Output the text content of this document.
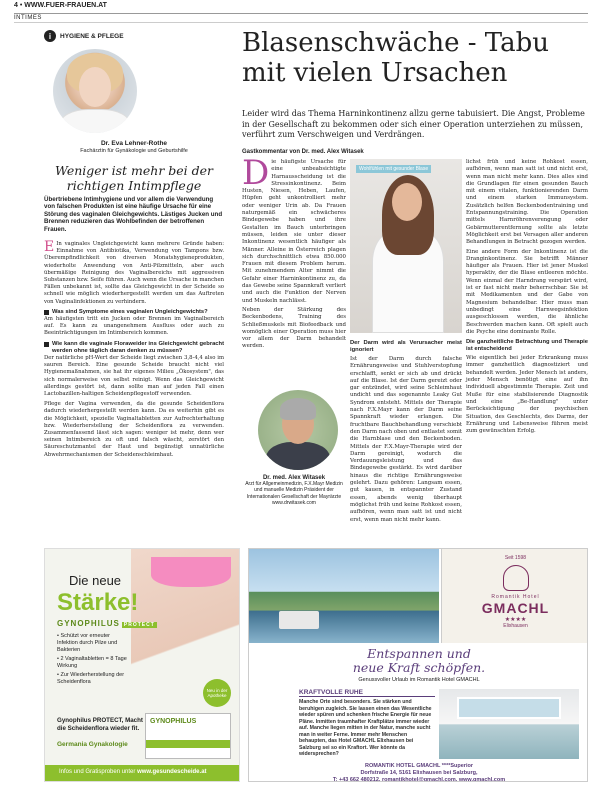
4 • WWW.FUER-FRAUEN.AT
INTIMES
i	HYGIENE & PFLEGE
Dr. Eva Lehner-Rothe
Fachärztin für Gynäkologie und Geburtshilfe
Weniger ist mehr bei der richtigen Intimpflege
Übertriebene Intimhygiene und vor allem die Verwendung von falschen Produkten ist eine häufige Ursache für eine Störung des vaginalen Gleichgewichts. Lästiges Jucken und Brennen reduzieren das Wohlbefinden der betroffenen Frauen.

E In vaginales Ungleichgewicht kann mehrere Gründe haben: Einnahme von Antibiotika, Verwendung von Tampons bzw. Überempfindlichkeit von diversen Monatshygieneprodukten, wiederholte Anwendung von Anti-Pilzmitteln, aber auch übermäßige Reinigung des Vaginalbereichs mit aggressiven Substanzen bzw. Seife führen. Auch wenn die Ursache in manchen Fällen unbekannt ist, sollte das Gleichgewicht in der Scheide so schnell wie möglich wiederhergestellt werden um das Auftreten von Vaginalinfektionen zu verhindern.

Was sind Symptome eines vaginalen Ungleichgewichts?

Am häufigsten tritt ein Jucken oder Brennen im Vaginalbereich auf. Es kann zu unangenehmem Ausfluss oder auch zu Beeinträchtigungen im Intimbereich kommen.

Wie kann die vaginale Floraweider ins Gleichgewicht gebracht werden ohne täglich daran denken zu müssen?

Der natürliche pH-Wert der Scheide liegt zwischen 3,8-4,4 also im sauren Bereich. Eine gesunde Scheide braucht nicht viel Hygienemaßnahmen, sie hat ihr eigenes Milieu „Ökosystem", das sich normalerweise von selbst reinigt. Wenn das Gleichgewicht allerdings gestört ist, dann sollte man auf jeden Fall einen Lactobazillen-haltigen Scheidenpflegestoff verwenden.

Pflege der Vagina verwenden, da die gesunde Scheidenflora dadurch wiederhergestellt werden kann. Da es weiterhin gibt es die Möglichkeit, spezielle Vaginaltabletten zur Aufrechterhaltung bzw. Wiederherstellung der Scheidenflora zu verwenden. Zusammenfassend lässt sich sagen: weniger ist mehr, denn wer seinen Intimbereich zu oft und falsch wäscht, zerstört den Säureschutzmantel der Haut und begünstigt unnatürliche Abwehrmechanismen der Scheidenschleimhaut.

Blasenschwäche - Tabu mit vielen Ursachen
Leider wird das Thema Harninkontinenz allzu gerne tabuisiert. Die Angst, Probleme in der Gesellschaft zu bekommen oder sich einer Operation unterziehen zu müssen, verführt zum Verschweigen und Verdrängen.
Gastkommentar von Dr. med. Alex Witasek

Die häufigste Ursache für eine unbeabsichtigte Harnausscheidung ist die Stressinkontinenz. Beim Husten, Niesen, Heben, Laufen, Hüpfen geht unkontrolliert mehr oder weniger Urin ab. Da Frauen naturgemäß ein schwächeres Bindegewebe haben und ihre Gestalten im Bauch unterbringen müssen, leiden sie unter dieser Inkontinenz wesentlich häufiger als Männer. Alleine in Österreich plagen sich durchschnittlich etwa 850.000 Frauen mit diesem Problem herum. Mit zunehmendem Alter nimmt die Gefahr einer Harninkontinenz zu, da das Gewebe seine Spannkraft verliert und auch die Funktion der Nerven und Muskeln nachlässt.

Neben der Stärkung des Beckenbodens, Training des Schließmuskels mit Biofeedback und womöglich einer Operation muss hier vor allem der Darm behandelt werden.

Wohlfühlen mit gesunder Blase
Der Darm wird als Verursacher meist ignoriert

Ist der Darm durch falsche Ernährungsweise und Stuhlverstopfung erschlafft, senkt er sich ab und drückt auf die Blase. Ist der Darm gereizt oder gar entzündet, wird seine Schleimhaut undicht und das sogenannte Leaky Gut Syndrom entsteht. Mittels der Therapie nach F.X.Mayr kann der Darm seine Spannkraft wieder erlangen. Die fruchtbare Bauchbehandlung verschiebt den Darm nach oben und entlastet somit die Harnblase und den Beckenboden. Mittels der F.X.Mayr-Therapie wird der Darm gereinigt, wodurch die Verdauungsleistung und das Bindegewebe gestärkt. Es wird darüber hinaus die richtige Ernährungsweise gelehrt. Dazu gehören: Langsam essen, gut kauen, in entspannter Zustand essen, abends wenig überhaupt möglichst früh und keine Rohkost essen, aufhören, wenn man satt ist und nicht erst, wenn man nicht mehr kann.

lichst früh und keine Rohkost essen, aufhören, wenn man satt ist und nicht erst, wenn man nicht mehr kann. Dies alles sind die Grundlagen für einen gesunden Bauch mit einem vitalen, funktionierenden Darm und einem starken Immunsystem. Zusätzlich helfen Beckenbodentraining und Entspannungstraining. Die Operation mittels Harnröhrenverengung oder Gebärmutterentfernung sollte als letzte Möglichkeit erst bei Versagen aller anderen Behandlungen in Betracht gezogen werden.

Eine andere Form der Inkontinenz ist die Dranginkontinenz. Sie betrifft Männer häufiger als Frauen. Hier ist jener Muskel hyperaktiv, der die Blase entleeren möchte. Wenn einmal der Harndrang verspürt wird, ist er fast nicht mehr beherrschbar. Sie ist mit Medikamenten und der Gabe von Magnesium behandelbar. Hier muss man unbedingt eine Harnwegsinfektion ausgeschlossen werden, die ähnliche Beschwerden machen kann. Oft spielt auch die Psyche eine dominante Rolle.

Die ganzheitliche Betrachtung und Therapie ist entscheidend

Wie eigentlich bei jeder Erkrankung muss immer ganzheitlich diagnostiziert und behandelt werden. Jeder Mensch ist anders, jeder Mensch benötigt eine auf ihn individuell abgestimmte Therapie. Zeit und Muße für eine stabilisierende Diagnostik und eine „Be-Handlung" unter Berücksichtigung der psychischen Situation, des Geschlechts, des Darms, der Ernährung und Lebensweise führen meist zum gewünschten Erfolg.

Dr. med. Alex Witasek
Arzt für Allgemeinmedizin, F.X.Mayr Medizin und manuelle Medizin Präsident der Internationalen Gesellschaft der Mayrärzte
www.drwitasek.com
Die neue
Stärke!
GYNOPHILUS PROTECT
• Schützt vor erneuter Infektion durch Pilze und Bakterien
• 2 Vaginaltabletten = 8 Tage Wirkung
• Zur Wiederherstellung der Scheidenflora
Neu in der Apotheke
GYNOPHILUS
Gynophilus PROTECT, Macht die Scheidenflora wieder fit.
Germania Gynakologie
Infos und Gratisproben unter www.gesundescheide.at
Seit 1598
Romantik Hotel
GMACHL
★★★★
Elixhausen
Entspannen und
neue Kraft schöpfen.
Genussvoller Urlaub im Romantik Hotel GMACHL
KRAFTVOLLE RUHE
Manche Orte sind besonders. Sie stärken und beruhigen zugleich. Sie lassen einen das Wesentliche wieder spüren und schenken frische Energie für neue Pläne. Inmitten traumhafter Kraftplätze immer wieder auf. Manche liegen mitten in der Natur, manche sucht man in weiter Ferne. Immer mehr Menschen behaupten, das Hotel GMACHL Elixhausen bei Salzburg sei so ein Kraftort. Wer könnte da widersprechen?
ROMANTIK HOTEL GMACHL ****Superior
Dorfstraße 14, 5161 Elixhausen bei Salzburg,
T: +43 662 480212, romantikhotel@gmachl.com, www.gmachl.com
